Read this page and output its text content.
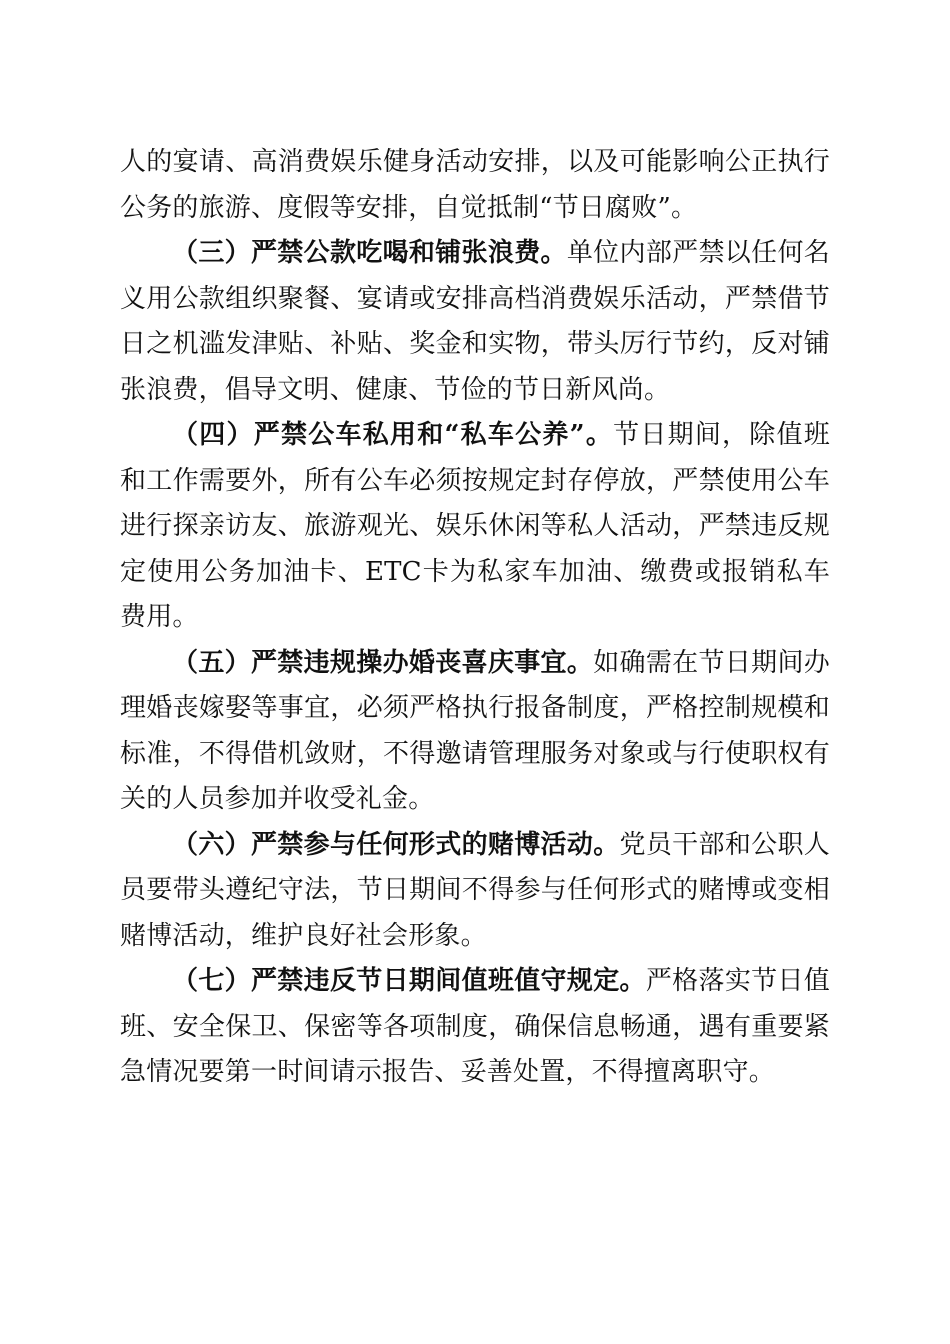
人的宴请、高消费娱乐健身活动安排，以及可能影响公正执行公务的旅游、度假等安排，自觉抵制“节日腐败”。

（三）严禁公款吃喝和铺张浪费。单位内部严禁以任何名义用公款组织聚餐、宴请或安排高档消费娱乐活动，严禁借节日之机滥发津贴、补贴、奖金和实物，带头厉行节约，反对铺张浪费，倡导文明、健康、节俭的节日新风尚。

（四）严禁公车私用和“私车公养”。节日期间，除值班和工作需要外，所有公车必须按规定封存停放，严禁使用公车进行探亲访友、旅游观光、娱乐休闲等私人活动，严禁违反规定使用公务加油卡、ETC卡为私家车加油、缴费或报销私车费用。

（五）严禁违规操办婚丧喜庆事宜。如确需在节日期间办理婚丧嫁娶等事宜，必须严格执行报备制度，严格控制规模和标准，不得借机敛财，不得邀请管理服务对象或与行使职权有关的人员参加并收受礼金。

（六）严禁参与任何形式的赌博活动。党员干部和公职人员要带头遵纪守法，节日期间不得参与任何形式的赌博或变相赌博活动，维护良好社会形象。

（七）严禁违反节日期间值班值守规定。严格落实节日值班、安全保卫、保密等各项制度，确保信息畅通，遇有重要紧急情况要第一时间请示报告、妥善处置，不得擅离职守。
